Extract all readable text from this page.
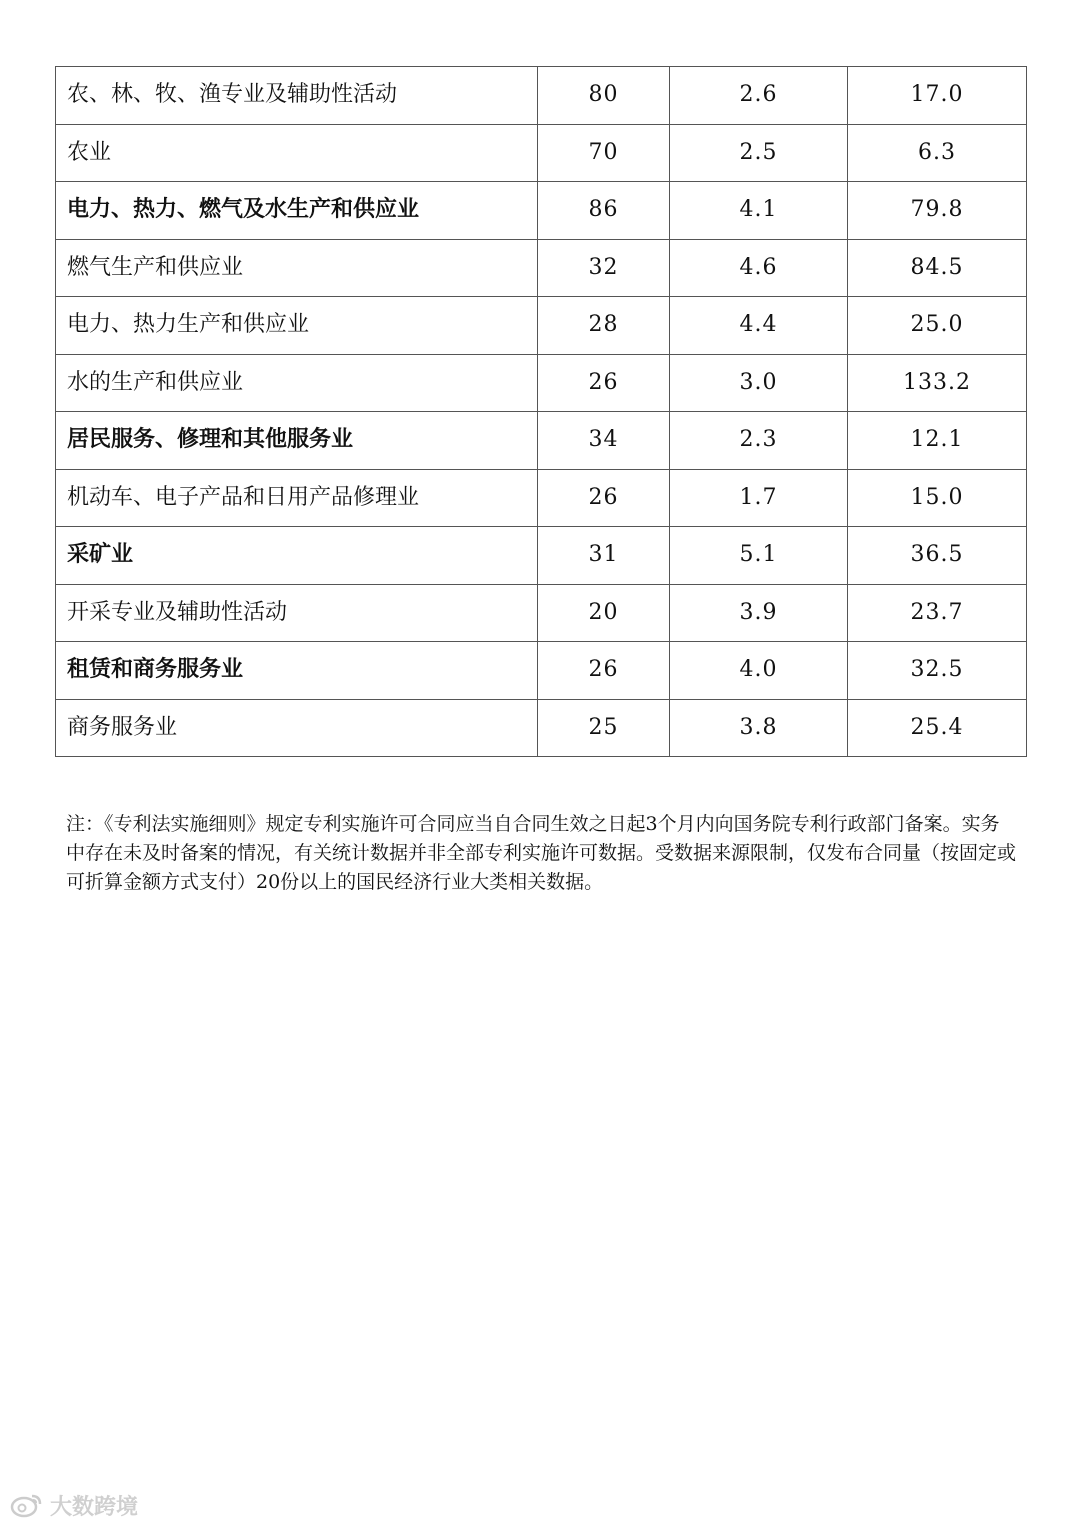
农、林、牧、渔专业及辅助性活动	80	2.6	17.0
农业	70	2.5	6.3
电力、热力、燃气及水生产和供应业	86	4.1	79.8
燃气生产和供应业	32	4.6	84.5
电力、热力生产和供应业	28	4.4	25.0
水的生产和供应业	26	3.0	133.2
居民服务、修理和其他服务业	34	2.3	12.1
机动车、电子产品和日用产品修理业	26	1.7	15.0
采矿业	31	5.1	36.5
开采专业及辅助性活动	20	3.9	23.7
租赁和商务服务业	26	4.0	32.5
商务服务业	25	3.8	25.4

注：《专利法实施细则》规定专利实施许可合同应当自合同生效之日起3个月内向国务院专利行政部门备案。实务中存在未及时备案的情况，有关统计数据并非全部专利实施许可数据。受数据来源限制，仅发布合同量（按固定或可折算金额方式支付）20份以上的国民经济行业大类相关数据。

大数跨境
